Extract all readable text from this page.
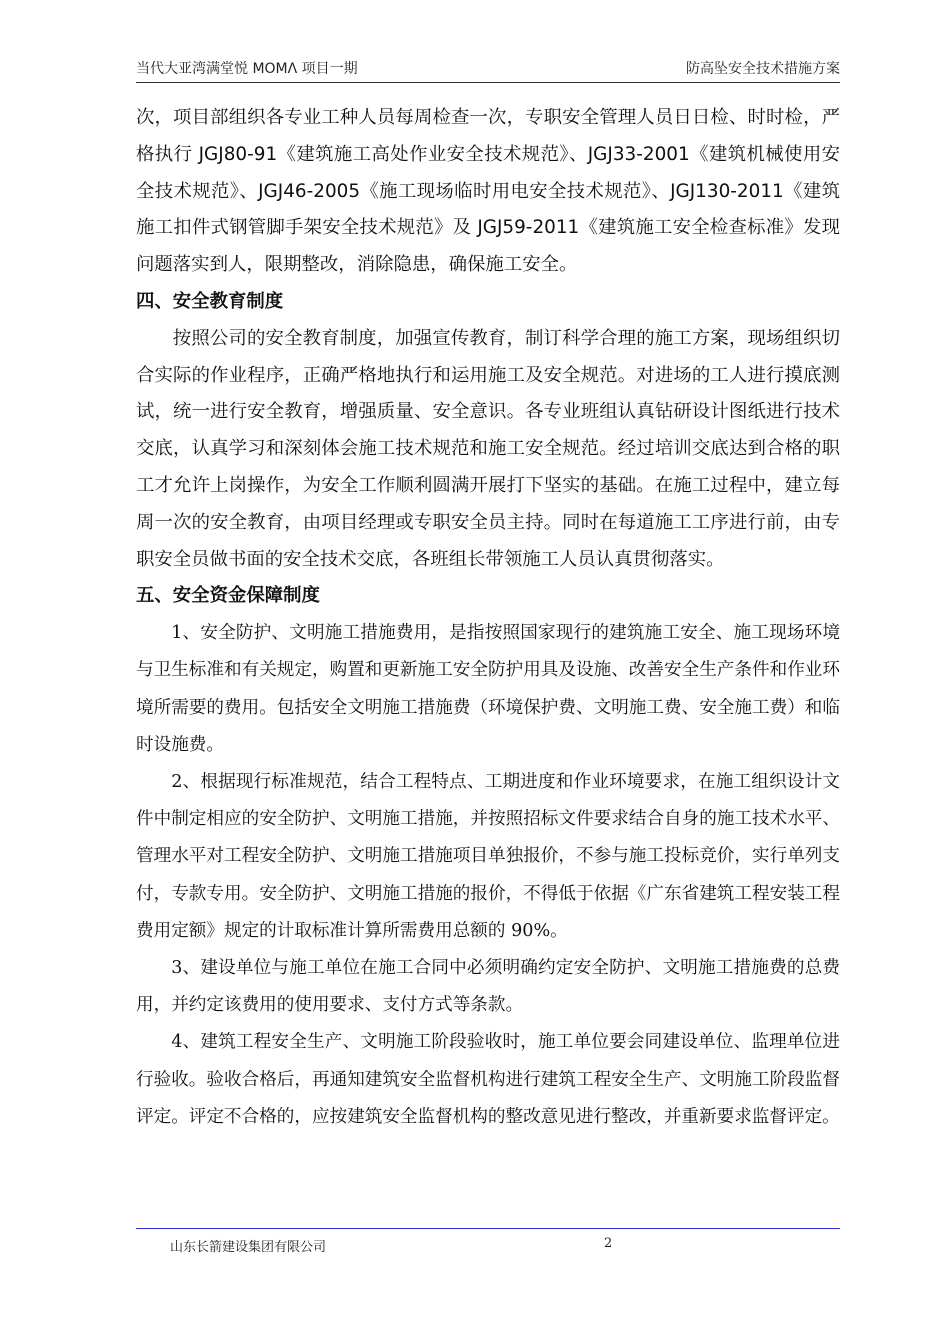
当代大亚湾满堂悦 MOMΛ 项目一期	防高坠安全技术措施方案

次，项目部组织各专业工种人员每周检查一次，专职安全管理人员日日检、时时检，严格执行 JGJ80-91《建筑施工高处作业安全技术规范》、JGJ33-2001《建筑机械使用安全技术规范》、JGJ46-2005《施工现场临时用电安全技术规范》、JGJ130-2011《建筑施工扣件式钢管脚手架安全技术规范》及 JGJ59-2011《建筑施工安全检查标准》发现问题落实到人，限期整改，消除隐患，确保施工安全。

四、安全教育制度

按照公司的安全教育制度，加强宣传教育，制订科学合理的施工方案，现场组织切合实际的作业程序，正确严格地执行和运用施工及安全规范。对进场的工人进行摸底测试，统一进行安全教育，增强质量、安全意识。各专业班组认真钻研设计图纸进行技术交底，认真学习和深刻体会施工技术规范和施工安全规范。经过培训交底达到合格的职工才允许上岗操作，为安全工作顺利圆满开展打下坚实的基础。在施工过程中，建立每周一次的安全教育，由项目经理或专职安全员主持。同时在每道施工工序进行前，由专职安全员做书面的安全技术交底，各班组长带领施工人员认真贯彻落实。

五、安全资金保障制度

1、安全防护、文明施工措施费用，是指按照国家现行的建筑施工安全、施工现场环境与卫生标准和有关规定，购置和更新施工安全防护用具及设施、改善安全生产条件和作业环境所需要的费用。包括安全文明施工措施费（环境保护费、文明施工费、安全施工费）和临时设施费。

2、根据现行标准规范，结合工程特点、工期进度和作业环境要求，在施工组织设计文件中制定相应的安全防护、文明施工措施，并按照招标文件要求结合自身的施工技术水平、管理水平对工程安全防护、文明施工措施项目单独报价，不参与施工投标竞价，实行单列支付，专款专用。安全防护、文明施工措施的报价，不得低于依据《广东省建筑工程安装工程费用定额》规定的计取标准计算所需费用总额的 90%。

3、建设单位与施工单位在施工合同中必须明确约定安全防护、文明施工措施费的总费用，并约定该费用的使用要求、支付方式等条款。

4、建筑工程安全生产、文明施工阶段验收时，施工单位要会同建设单位、监理单位进行验收。验收合格后，再通知建筑安全监督机构进行建筑工程安全生产、文明施工阶段监督评定。评定不合格的，应按建筑安全监督机构的整改意见进行整改，并重新要求监督评定。

山东长箭建设集团有限公司	2
